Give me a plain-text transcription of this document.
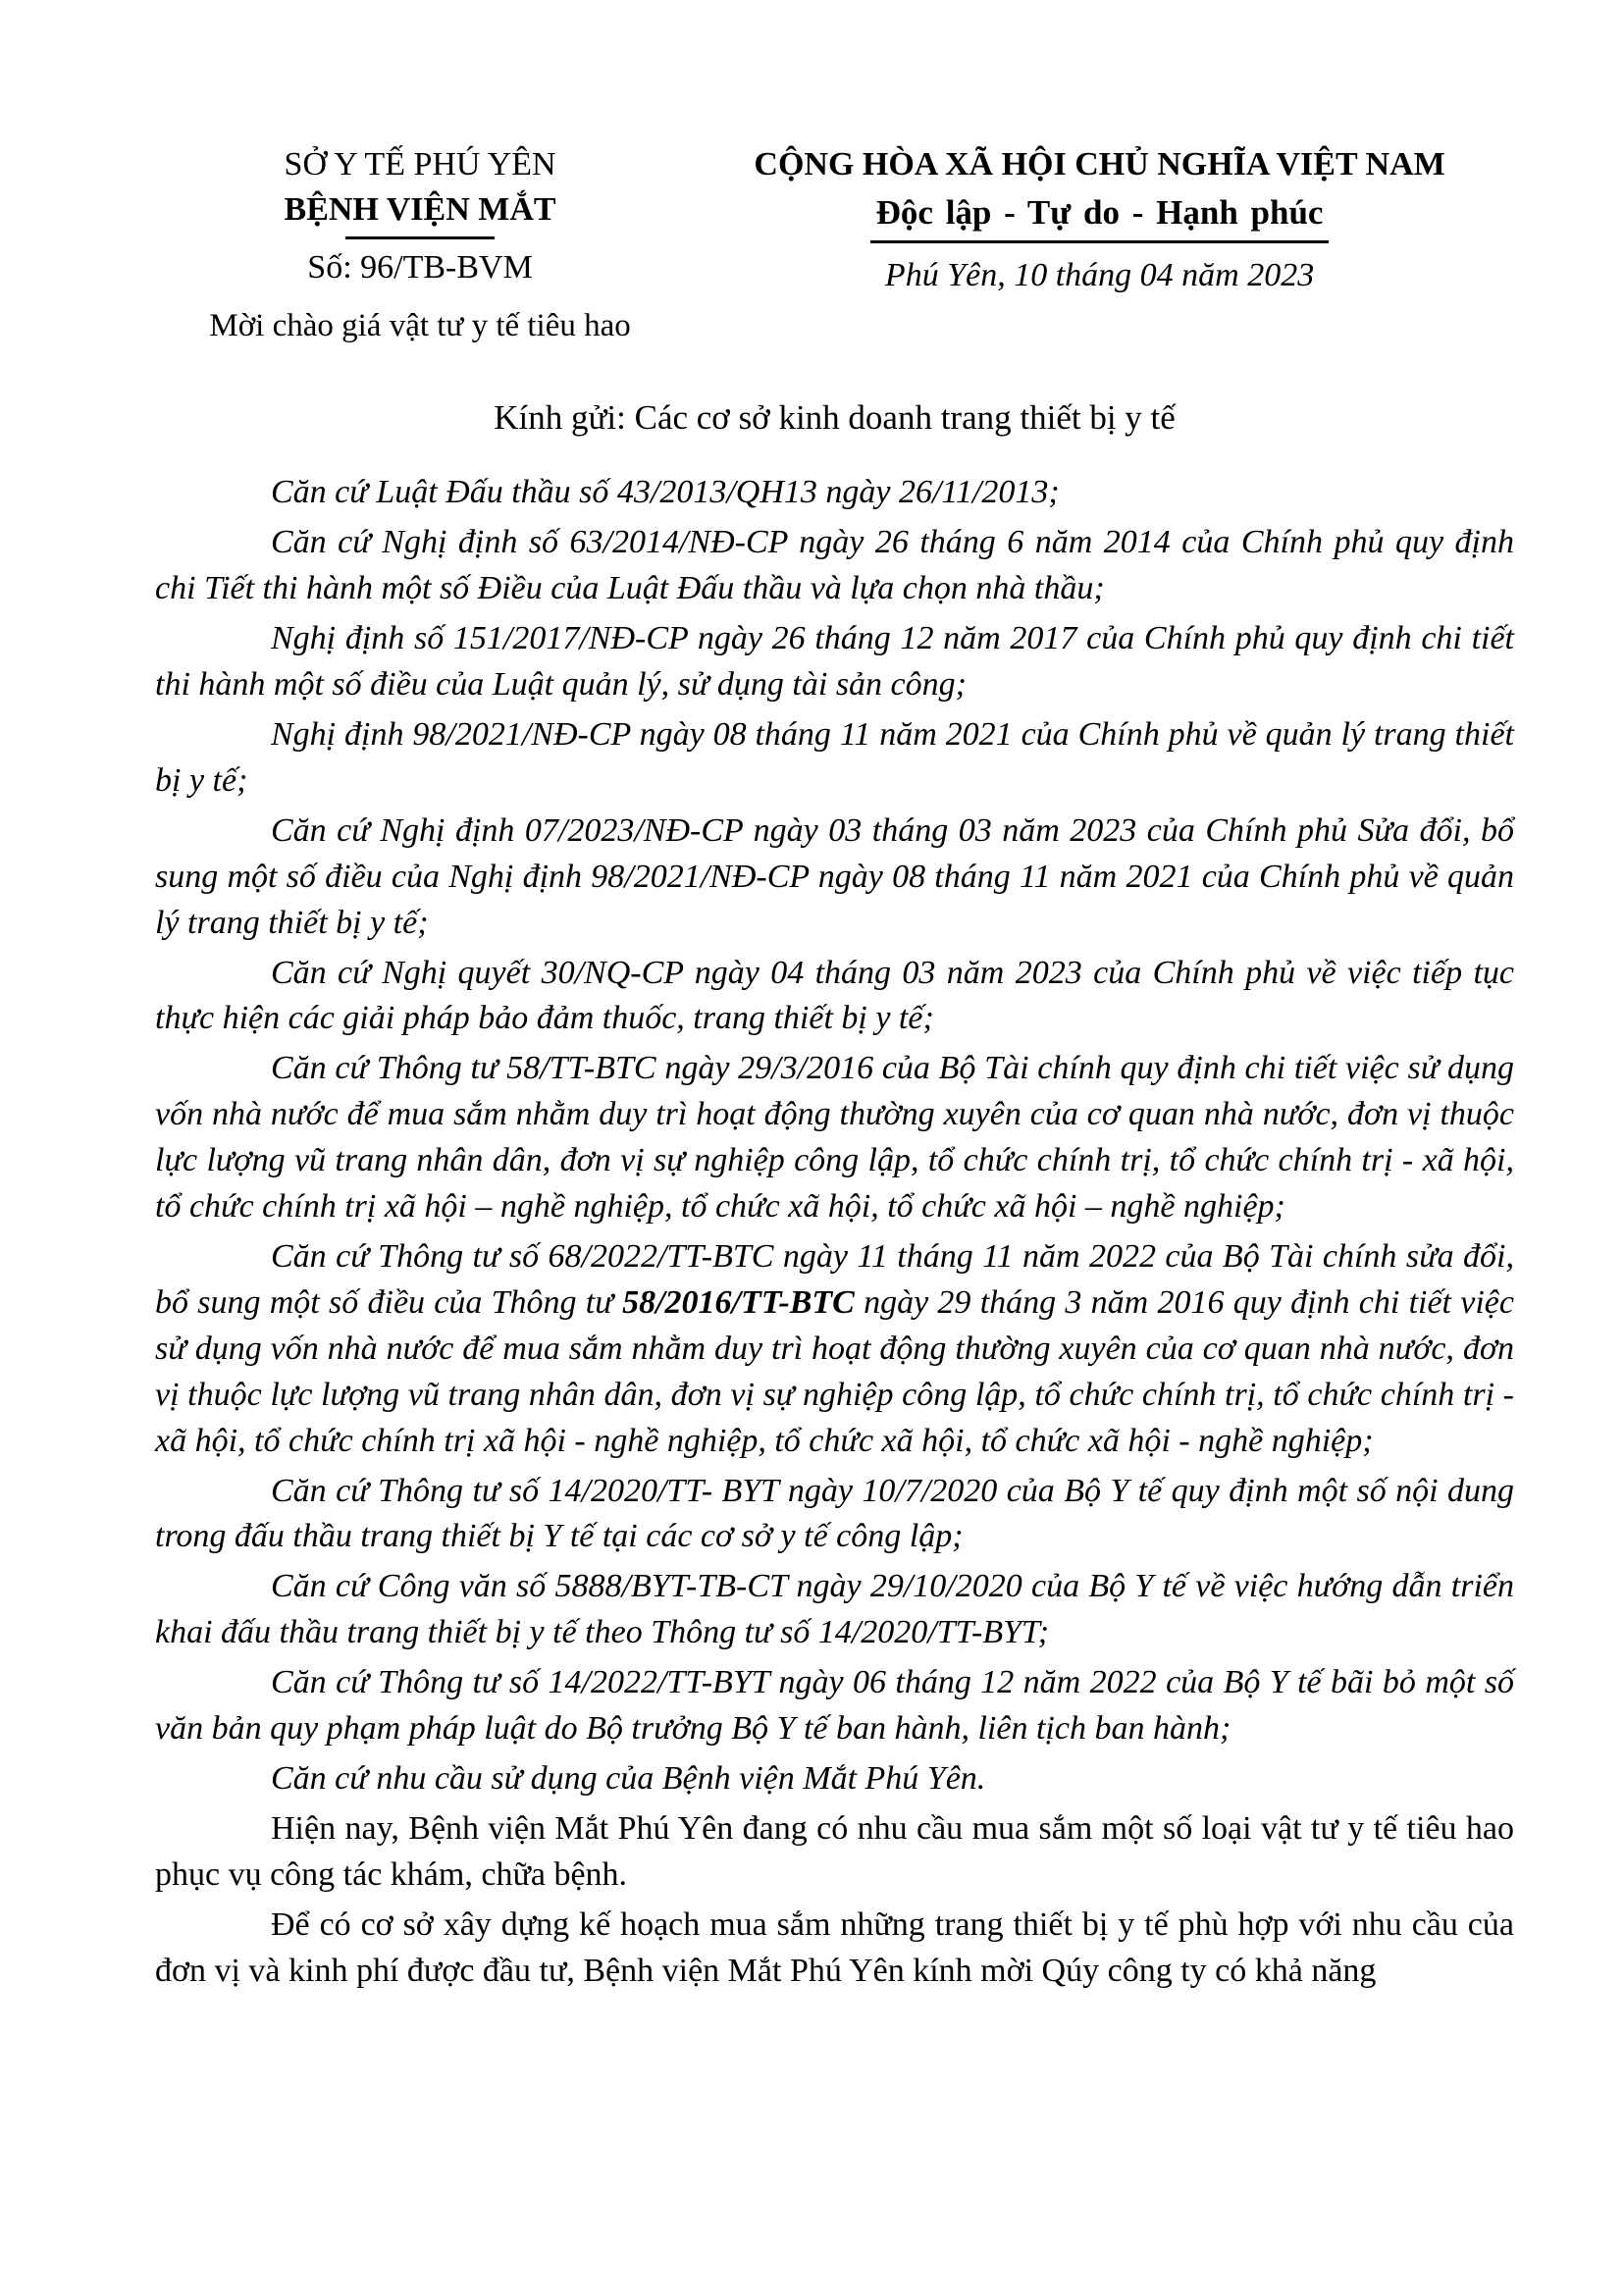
SỞ Y TẾ PHÚ YÊN
BỆNH VIỆN MẮT
Số: 96/TB-BVM
Mời chào giá vật tư y tế tiêu hao
CỘNG HÒA XÃ HỘI CHỦ NGHĨA VIỆT NAM
Độc lập - Tự do - Hạnh phúc
Phú Yên, 10 tháng 04 năm 2023
Kính gửi: Các cơ sở kinh doanh trang thiết bị y tế

Căn cứ Luật Đấu thầu số 43/2013/QH13 ngày 26/11/2013;

Căn cứ Nghị định số 63/2014/NĐ-CP ngày 26 tháng 6 năm 2014 của Chính phủ quy định chi Tiết thi hành một số Điều của Luật Đấu thầu và lựa chọn nhà thầu;

Nghị định số 151/2017/NĐ-CP ngày 26 tháng 12 năm 2017 của Chính phủ quy định chi tiết thi hành một số điều của Luật quản lý, sử dụng tài sản công;

Nghị định 98/2021/NĐ-CP ngày 08 tháng 11 năm 2021 của Chính phủ về quản lý trang thiết bị y tế;

Căn cứ Nghị định 07/2023/NĐ-CP ngày 03 tháng 03 năm 2023 của Chính phủ Sửa đổi, bổ sung một số điều của Nghị định 98/2021/NĐ-CP ngày 08 tháng 11 năm 2021 của Chính phủ về quản lý trang thiết bị y tế;

Căn cứ Nghị quyết 30/NQ-CP ngày 04 tháng 03 năm 2023 của Chính phủ về việc tiếp tục thực hiện các giải pháp bảo đảm thuốc, trang thiết bị y tế;

Căn cứ Thông tư 58/TT-BTC ngày 29/3/2016 của Bộ Tài chính quy định chi tiết việc sử dụng vốn nhà nước để mua sắm nhằm duy trì hoạt động thường xuyên của cơ quan nhà nước, đơn vị thuộc lực lượng vũ trang nhân dân, đơn vị sự nghiệp công lập, tổ chức chính trị, tổ chức chính trị - xã hội, tổ chức chính trị xã hội – nghề nghiệp, tổ chức xã hội, tổ chức xã hội – nghề nghiệp;

Căn cứ Thông tư số 68/2022/TT-BTC ngày 11 tháng 11 năm 2022 của Bộ Tài chính sửa đổi, bổ sung một số điều của Thông tư 58/2016/TT-BTC ngày 29 tháng 3 năm 2016 quy định chi tiết việc sử dụng vốn nhà nước để mua sắm nhằm duy trì hoạt động thường xuyên của cơ quan nhà nước, đơn vị thuộc lực lượng vũ trang nhân dân, đơn vị sự nghiệp công lập, tổ chức chính trị, tổ chức chính trị - xã hội, tổ chức chính trị xã hội - nghề nghiệp, tổ chức xã hội, tổ chức xã hội - nghề nghiệp;

Căn cứ Thông tư số 14/2020/TT- BYT ngày 10/7/2020 của Bộ Y tế quy định một số nội dung trong đấu thầu trang thiết bị Y tế tại các cơ sở y tế công lập;

Căn cứ Công văn số 5888/BYT-TB-CT ngày 29/10/2020 của Bộ Y tế về việc hướng dẫn triển khai đấu thầu trang thiết bị y tế theo Thông tư số 14/2020/TT-BYT;

Căn cứ Thông tư số 14/2022/TT-BYT ngày 06 tháng 12 năm 2022 của Bộ Y tế bãi bỏ một số văn bản quy phạm pháp luật do Bộ trưởng Bộ Y tế ban hành, liên tịch ban hành;

Căn cứ nhu cầu sử dụng của Bệnh viện Mắt Phú Yên.

Hiện nay, Bệnh viện Mắt Phú Yên đang có nhu cầu mua sắm một số loại vật tư y tế tiêu hao phục vụ công tác khám, chữa bệnh.

Để có cơ sở xây dựng kế hoạch mua sắm những trang thiết bị y tế phù hợp với nhu cầu của đơn vị và kinh phí được đầu tư, Bệnh viện Mắt Phú Yên kính mời Qúy công ty có khả năng
